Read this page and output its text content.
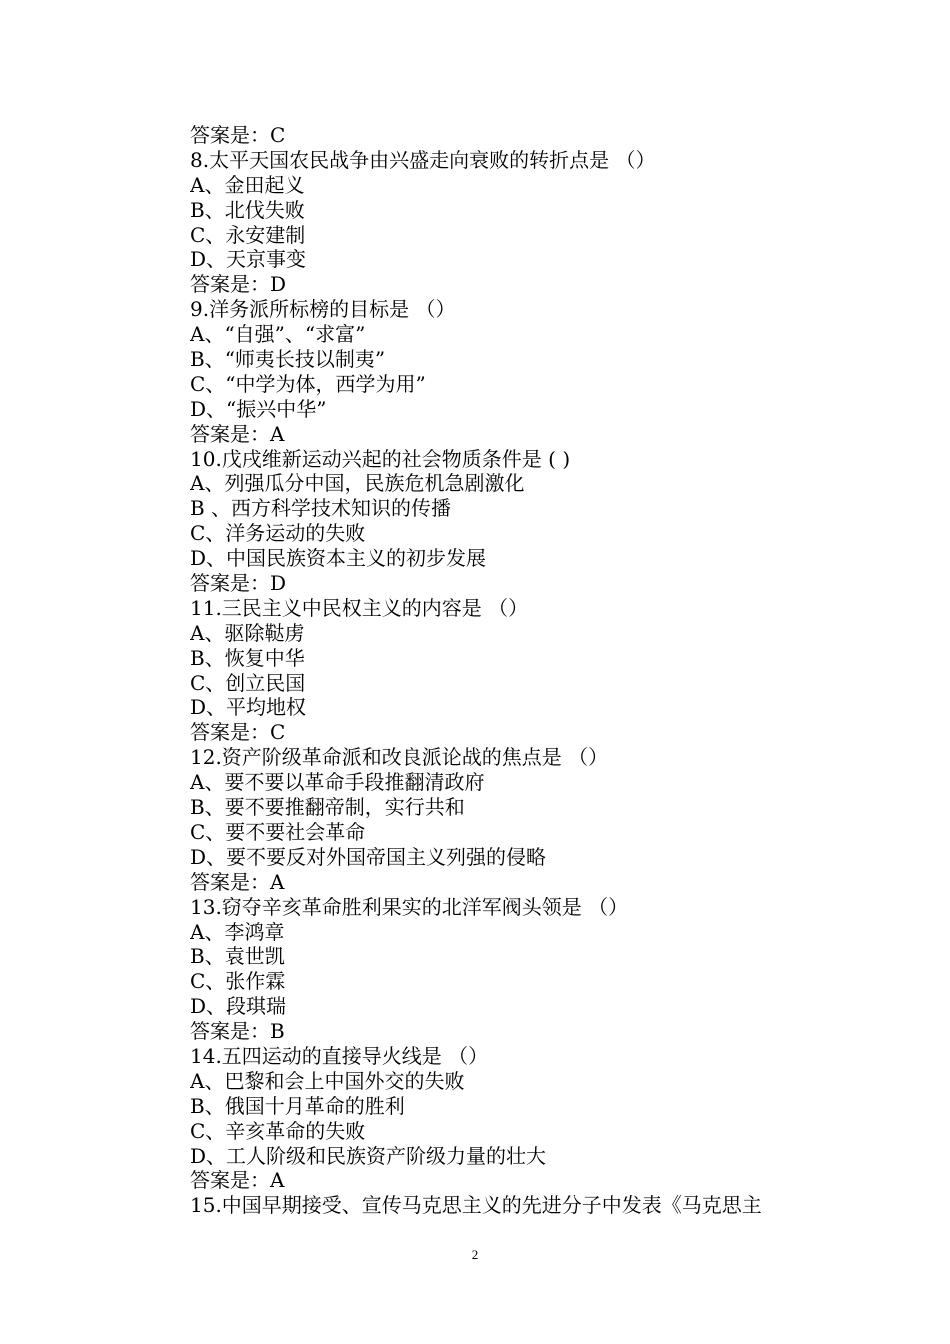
答案是：C
8.太平天国农民战争由兴盛走向衰败的转折点是 （）
A、金田起义
B、北伐失败
C、永安建制
D、天京事变
答案是：D
9.洋务派所标榜的目标是 （）
A、“自强”、“求富”
B、“师夷长技以制夷”
C、“中学为体，西学为用”
D、“振兴中华”
答案是：A
10.戊戌维新运动兴起的社会物质条件是 ( )
A、列强瓜分中国，民族危机急剧激化
B 、西方科学技术知识的传播
C、洋务运动的失败
D、中国民族资本主义的初步发展
答案是：D
11.三民主义中民权主义的内容是 （）
A、驱除鞑虏
B、恢复中华
C、创立民国
D、平均地权
答案是：C
12.资产阶级革命派和改良派论战的焦点是 （）
A、要不要以革命手段推翻清政府
B、要不要推翻帝制，实行共和
C、要不要社会革命
D、要不要反对外国帝国主义列强的侵略
答案是：A
13.窃夺辛亥革命胜利果实的北洋军阀头领是 （）
A、李鸿章
B、袁世凯
C、张作霖
D、段琪瑞
答案是：B
14.五四运动的直接导火线是 （）
A、巴黎和会上中国外交的失败
B、俄国十月革命的胜利
C、辛亥革命的失败
D、工人阶级和民族资产阶级力量的壮大
答案是：A
15.中国早期接受、宣传马克思主义的先进分子中发表《马克思主
2
